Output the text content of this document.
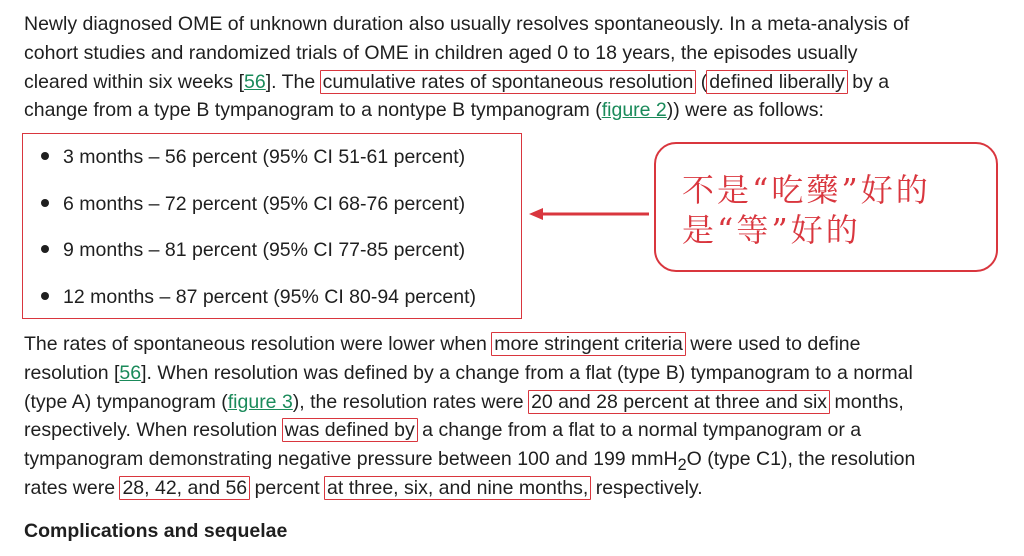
Newly diagnosed OME of unknown duration also usually resolves spontaneously. In a meta-analysis of
cohort studies and randomized trials of OME in children aged 0 to 18 years, the episodes usually
cleared within six weeks [56]. The cumulative rates of spontaneous resolution ( defined liberally by a
change from a type B tympanogram to a nontype B tympanogram (figure 2)) were as follows:
3 months – 56 percent (95% CI 51-61 percent)
6 months – 72 percent (95% CI 68-76 percent)
9 months – 81 percent (95% CI 77-85 percent)
12 months – 87 percent (95% CI 80-94 percent)
不是“吃藥”好的
是“等”好的
The rates of spontaneous resolution were lower when more stringent criteria were used to define
resolution [56]. When resolution was defined by a change from a flat (type B) tympanogram to a normal
(type A) tympanogram (figure 3), the resolution rates were 20 and 28 percent at three and six months,
respectively. When resolution was defined by a change from a flat to a normal tympanogram or a
tympanogram demonstrating negative pressure between 100 and 199 mmH$_2$O (type C1), the resolution
rates were 28, 42, and 56 percent at three, six, and nine months, respectively.
Complications and sequelae
